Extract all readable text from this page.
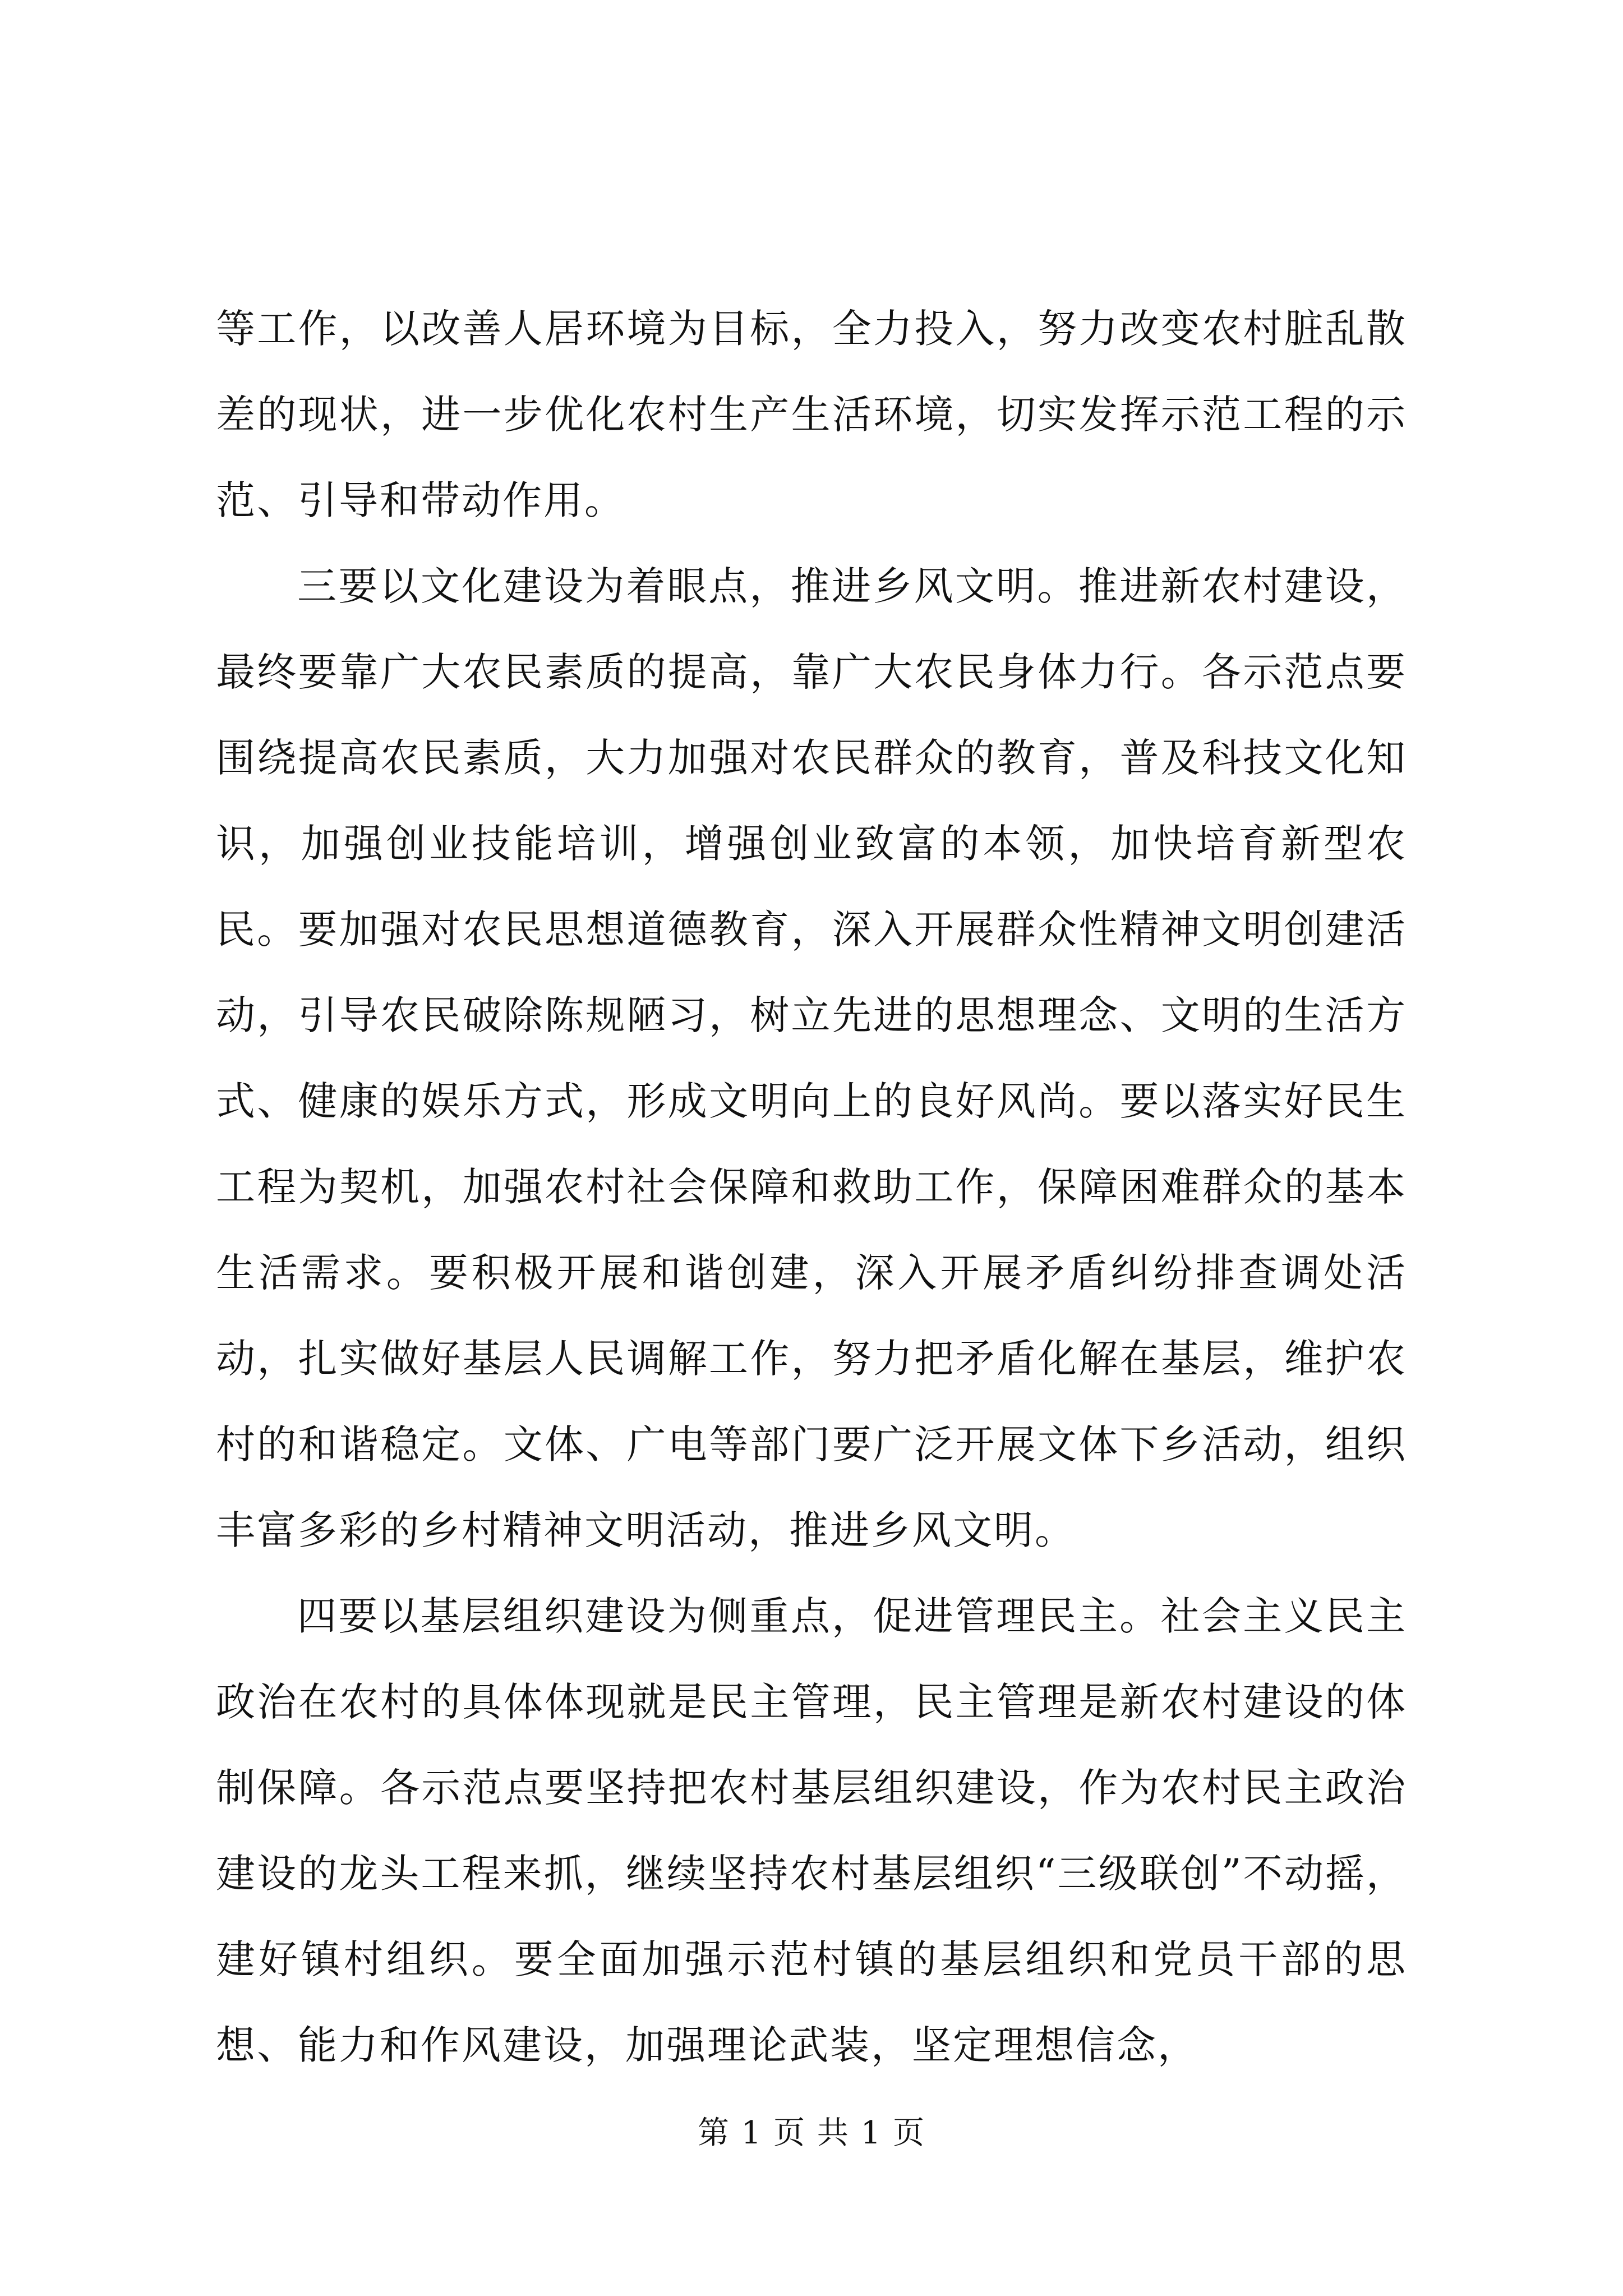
等工作，以改善人居环境为目标，全力投入，努力改变农村脏乱散差的现状，进一步优化农村生产生活环境，切实发挥示范工程的示范、引导和带动作用。

三要以文化建设为着眼点，推进乡风文明。推进新农村建设，最终要靠广大农民素质的提高，靠广大农民身体力行。各示范点要围绕提高农民素质，大力加强对农民群众的教育，普及科技文化知识，加强创业技能培训，增强创业致富的本领，加快培育新型农民。要加强对农民思想道德教育，深入开展群众性精神文明创建活动，引导农民破除陈规陋习，树立先进的思想理念、文明的生活方式、健康的娱乐方式，形成文明向上的良好风尚。要以落实好民生工程为契机，加强农村社会保障和救助工作，保障困难群众的基本生活需求。要积极开展和谐创建，深入开展矛盾纠纷排查调处活动，扎实做好基层人民调解工作，努力把矛盾化解在基层，维护农村的和谐稳定。文体、广电等部门要广泛开展文体下乡活动，组织丰富多彩的乡村精神文明活动，推进乡风文明。

四要以基层组织建设为侧重点，促进管理民主。社会主义民主政治在农村的具体体现就是民主管理，民主管理是新农村建设的体制保障。各示范点要坚持把农村基层组织建设，作为农村民主政治建设的龙头工程来抓，继续坚持农村基层组织“三级联创”不动摇，建好镇村组织。要全面加强示范村镇的基层组织和党员干部的思想、能力和作风建设，加强理论武装，坚定理想信念，

第 1 页 共 1 页
